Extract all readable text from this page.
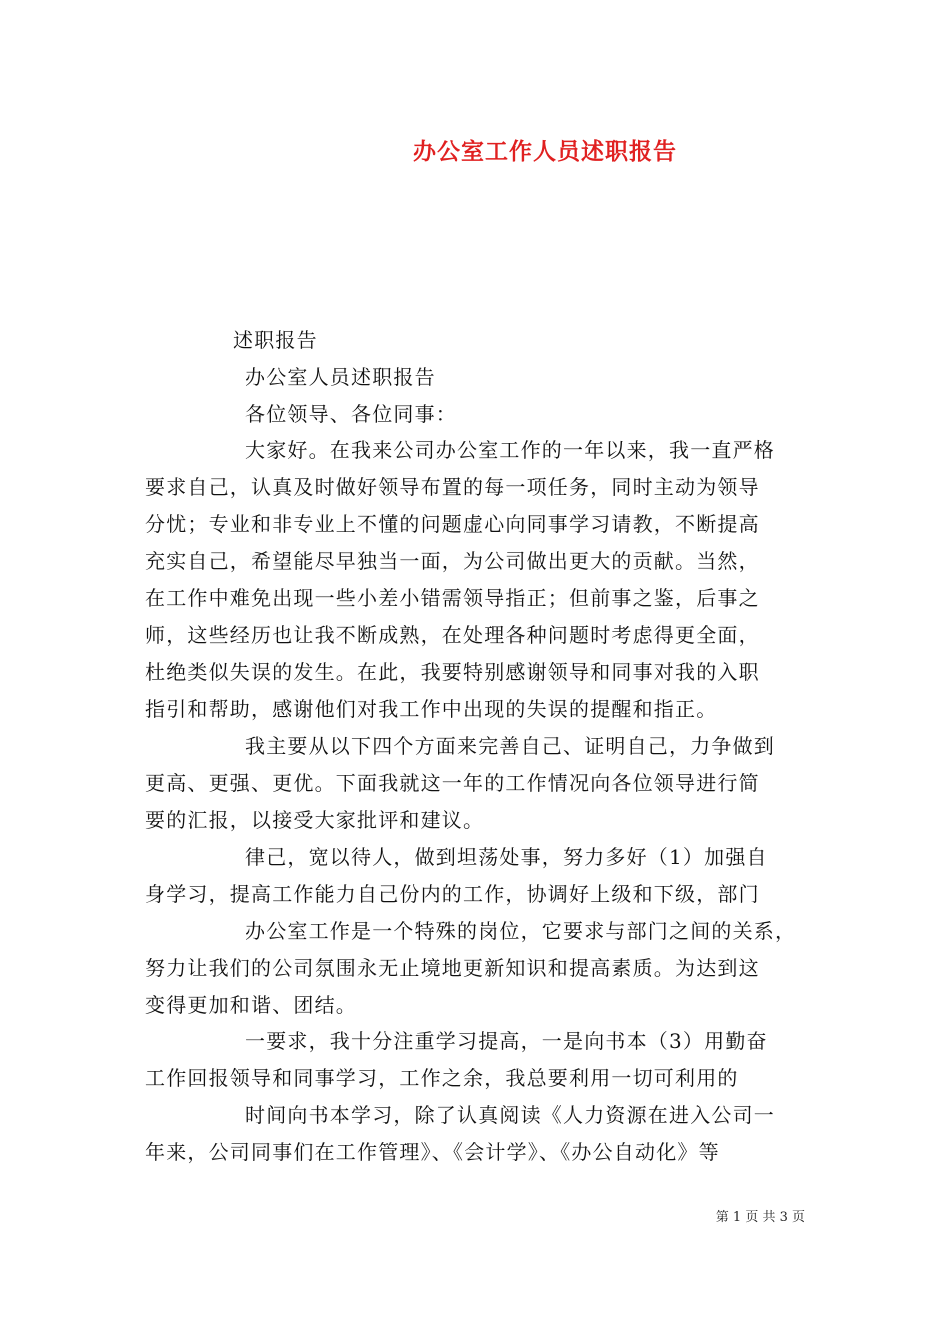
办公室工作人员述职报告
述职报告
办公室人员述职报告
各位领导、各位同事：
大家好。在我来公司办公室工作的一年以来，我一直严格
要求自己，认真及时做好领导布置的每一项任务，同时主动为领导
分忧；专业和非专业上不懂的问题虚心向同事学习请教，不断提高
充实自己，希望能尽早独当一面，为公司做出更大的贡献。当然，
在工作中难免出现一些小差小错需领导指正；但前事之鉴，后事之
师，这些经历也让我不断成熟，在处理各种问题时考虑得更全面，
杜绝类似失误的发生。在此，我要特别感谢领导和同事对我的入职
指引和帮助，感谢他们对我工作中出现的失误的提醒和指正。
我主要从以下四个方面来完善自己、证明自己，力争做到
更高、更强、更优。下面我就这一年的工作情况向各位领导进行简
要的汇报，以接受大家批评和建议。
律己，宽以待人，做到坦荡处事，努力多好（1）加强自
身学习，提高工作能力自己份内的工作，协调好上级和下级，部门
办公室工作是一个特殊的岗位，它要求与部门之间的关系，
努力让我们的公司氛围永无止境地更新知识和提高素质。为达到这
变得更加和谐、团结。
一要求，我十分注重学习提高，一是向书本（3）用勤奋
工作回报领导和同事学习，工作之余，我总要利用一切可利用的
时间向书本学习，除了认真阅读《人力资源在进入公司一
年来，公司同事们在工作管理》、《会计学》、《办公自动化》等
第 1 页 共 3 页
